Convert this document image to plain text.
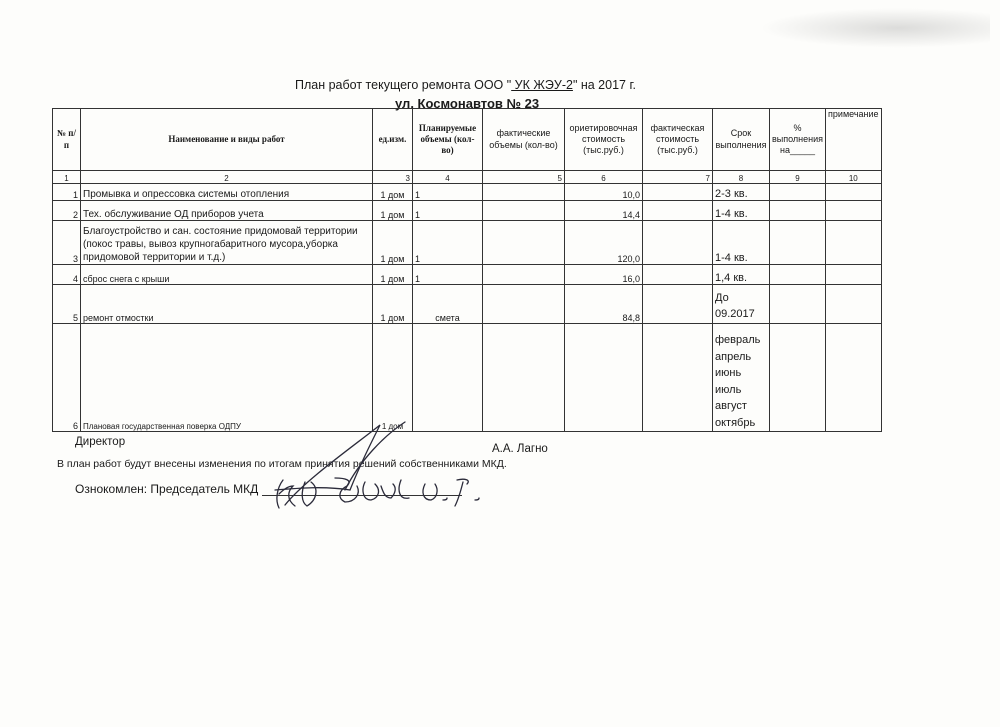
План работ текущего ремонта ООО " УК ЖЭУ-2" на 2017 г.
ул. Космонавтов № 23
№ п/п	Наименование и виды работ	ед.изм.	Планируемые объемы (кол-во)	фактические объемы (кол-во)	ориетировочная стоимость (тыс.руб.)	фактическая стоимость (тыс.руб.)	Срок выполнения	% выполнения на_____	примечание
1	2	3	4	5	6	7	8	9	10
1	Промывка и опрессовка системы отопления	1 дом	1		10,0		2-3 кв.		
2	Тех. обслуживание ОД приборов учета	1 дом	1		14,4		1-4 кв.		
3	Благоустройство и сан. состояние придомовай территории (покос травы, вывоз крупногабаритного мусора,уборка придомовой территории и т.д.)	1 дом	1		120,0		1-4 кв.		
4	сброс снега с крыши	1 дом	1		16,0		1,4 кв.		
5	ремонт отмостки	1 дом	смета		84,8		До 09.2017		
6	Плановая государственная поверка ОДПУ	1 дом					февраль апрель июнь июль август октябрь		
Директор
А.А. Лагно
В план работ будут внесены изменения по итогам принятия решений собственниками МКД.
Ознокомлен: Председатель МКД
